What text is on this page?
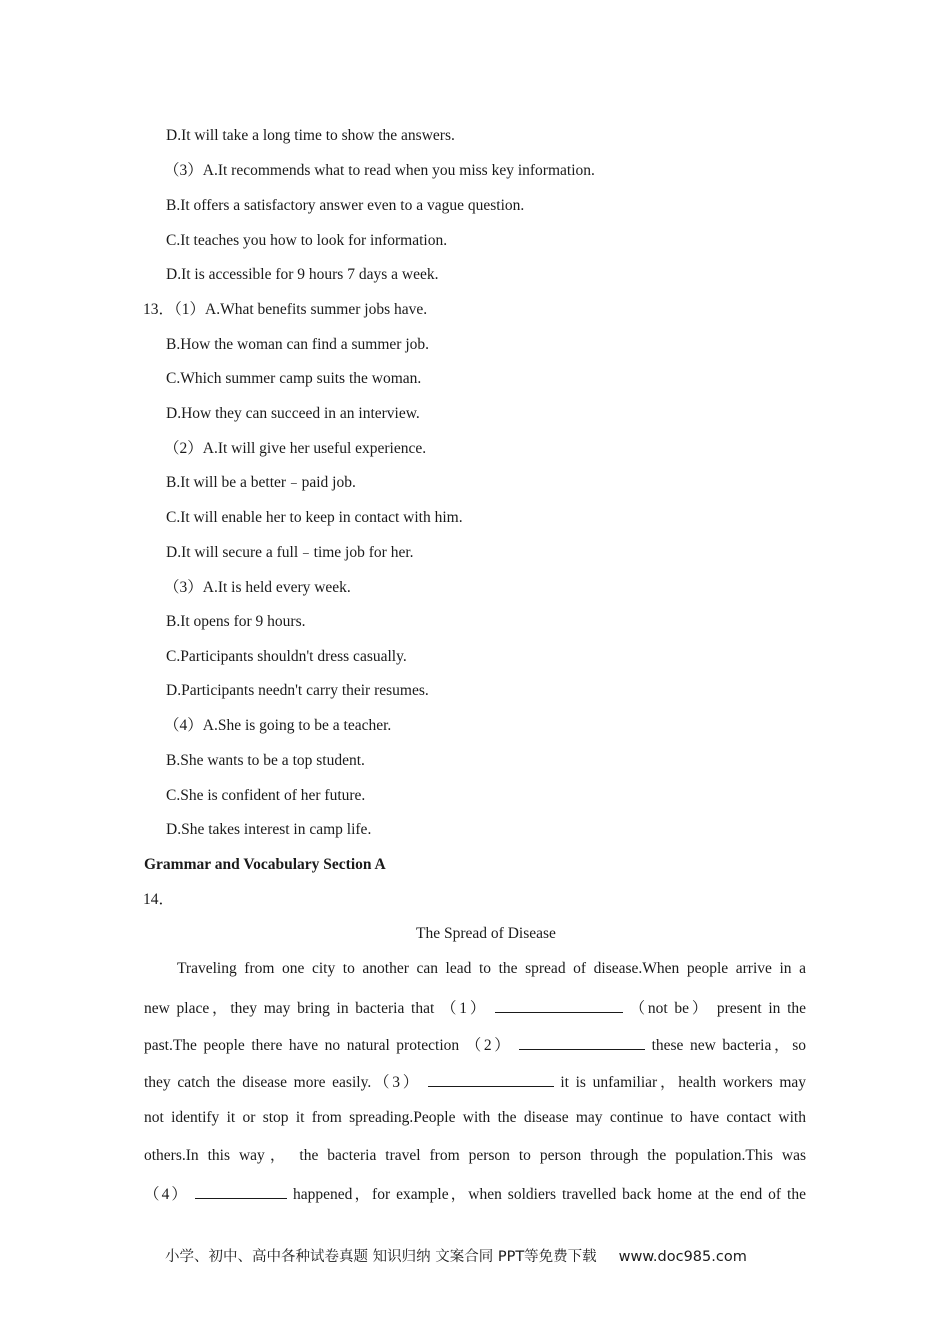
D.It will take a long time to show the answers.
（3）A.It recommends what to read when you miss key information.
B.It offers a satisfactory answer even to a vague question.
C.It teaches you how to look for information.
D.It is accessible for 9 hours 7 days a week.
13．（1）A.What benefits summer jobs have.
B.How the woman can find a summer job.
C.Which summer camp suits the woman.
D.How they can succeed in an interview.
（2）A.It will give her useful experience.
B.It will be a better﹣paid job.
C.It will enable her to keep in contact with him.
D.It will secure a full﹣time job for her.
（3）A.It is held every week.
B.It opens for 9 hours.
C.Participants shouldn't dress casually.
D.Participants needn't carry their resumes.
（4）A.She is going to be a teacher.
B.She wants to be a top student.
C.She is confident of her future.
D.She takes interest in camp life.
Grammar and Vocabulary Section A
14．
The Spread of Disease
Traveling from one city to another can lead to the spread of disease.When people arrive in a
new place，they may bring in bacteria that （1）	（not be） present in the
past.The people there have no natural protection （2）	these new bacteria，so
they catch the disease more easily.（3）	it is unfamiliar，health workers may
not identify it or stop it from spreading.People with the disease may continue to have contact with
others.In this way， the bacteria travel from person to person through the population.This was
（4）	happened，for example，when soldiers travelled back home at the end of the
小学、初中、高中各种试卷真题 知识归纳 文案合同 PPT等免费下载 www.doc985.com
